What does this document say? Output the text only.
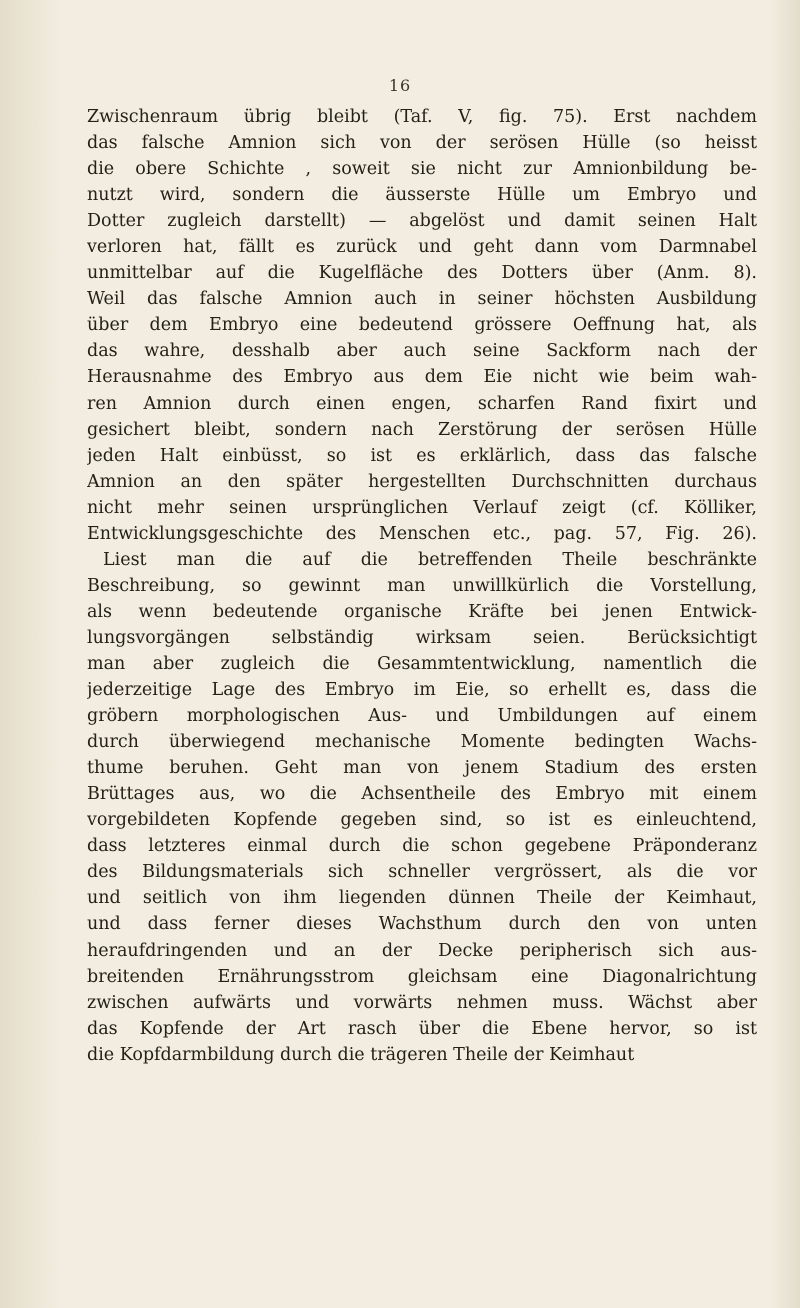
16
Zwischenraum übrig bleibt (Taf. V, fig. 75). Erst nachdem
das falsche Amnion sich von der serösen Hülle (so heisst
die obere Schichte , soweit sie nicht zur Amnionbildung be-
nutzt wird, sondern die äusserste Hülle um Embryo und
Dotter zugleich darstellt) — abgelöst und damit seinen Halt
verloren hat, fällt es zurück und geht dann vom Darmnabel
unmittelbar auf die Kugelfläche des Dotters über (Anm. 8).
Weil das falsche Amnion auch in seiner höchsten Ausbildung
über dem Embryo eine bedeutend grössere Oeffnung hat, als
das wahre, desshalb aber auch seine Sackform nach der
Herausnahme des Embryo aus dem Eie nicht wie beim wah-
ren Amnion durch einen engen, scharfen Rand fixirt und
gesichert bleibt, sondern nach Zerstörung der serösen Hülle
jeden Halt einbüsst, so ist es erklärlich, dass das falsche
Amnion an den später hergestellten Durchschnitten durchaus
nicht mehr seinen ursprünglichen Verlauf zeigt (cf. Kölliker,
Entwicklungsgeschichte des Menschen etc., pag. 57, Fig. 26).
Liest man die auf die betreffenden Theile beschränkte
Beschreibung, so gewinnt man unwillkürlich die Vorstellung,
als wenn bedeutende organische Kräfte bei jenen Entwick-
lungsvorgängen selbständig wirksam seien. Berücksichtigt
man aber zugleich die Gesammtentwicklung, namentlich die
jederzeitige Lage des Embryo im Eie, so erhellt es, dass die
gröbern morphologischen Aus- und Umbildungen auf einem
durch überwiegend mechanische Momente bedingten Wachs-
thume beruhen. Geht man von jenem Stadium des ersten
Brüttages aus, wo die Achsentheile des Embryo mit einem
vorgebildeten Kopfende gegeben sind, so ist es einleuchtend,
dass letzteres einmal durch die schon gegebene Präponderanz
des Bildungsmaterials sich schneller vergrössert, als die vor
und seitlich von ihm liegenden dünnen Theile der Keimhaut,
und dass ferner dieses Wachsthum durch den von unten
heraufdringenden und an der Decke peripherisch sich aus-
breitenden Ernährungsstrom gleichsam eine Diagonalrichtung
zwischen aufwärts und vorwärts nehmen muss. Wächst aber
das Kopfende der Art rasch über die Ebene hervor, so ist
die Kopfdarmbildung durch die trägeren Theile der Keimhaut
